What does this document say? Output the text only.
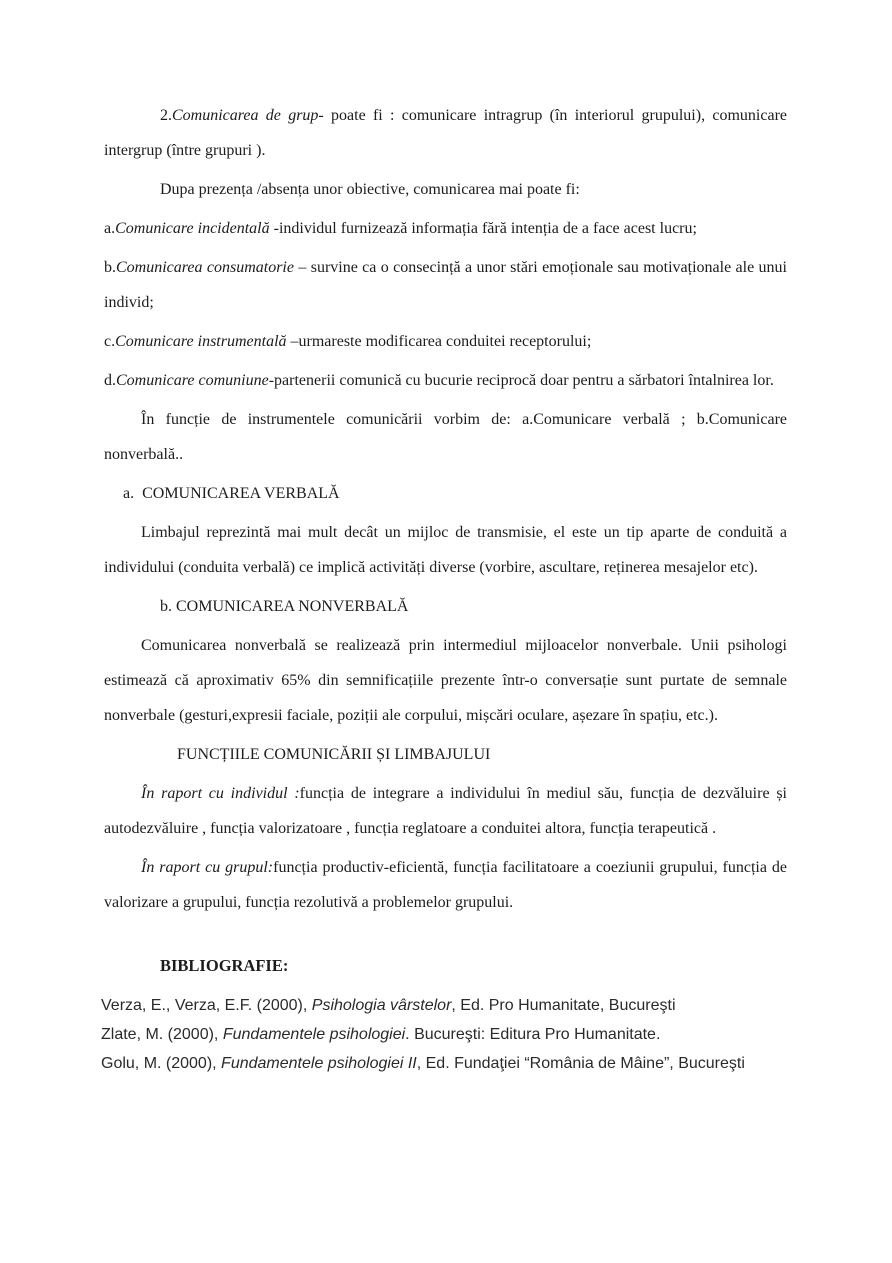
2.Comunicarea de grup- poate fi : comunicare intragrup (în interiorul grupului), comunicare intergrup (între grupuri ).

Dupa prezența /absența unor obiective, comunicarea mai poate fi:

a.Comunicare incidentală -individul furnizează informația fără intenția de a face acest lucru;

b.Comunicarea consumatorie – survine ca o consecință a unor stări emoționale sau motivaționale ale unui individ;

c.Comunicare instrumentală –urmareste modificarea conduitei receptorului;

d.Comunicare comuniune-partenerii comunică cu bucurie reciprocă doar pentru a sărbatori întalnirea lor.

În funcție de instrumentele comunicării vorbim de: a.Comunicare verbală ; b.Comunicare nonverbală..

a.  COMUNICAREA VERBALĂ

Limbajul reprezintă mai mult decât un mijloc de transmisie, el este un tip aparte de conduită a individului (conduita verbală) ce implică activități diverse (vorbire, ascultare, reținerea mesajelor etc).

b. COMUNICAREA NONVERBALĂ

Comunicarea nonverbală se realizează prin intermediul mijloacelor nonverbale. Unii psihologi estimează că aproximativ 65% din semnificațiile prezente într-o conversație sunt purtate de semnale nonverbale (gesturi,expresii faciale, poziții ale corpului, mișcări oculare, așezare în spațiu, etc.).

FUNCȚIILE COMUNICĂRII ȘI LIMBAJULUI

În raport cu individul :funcția de integrare a individului în mediul său, funcția de dezvăluire și autodezvăluire , funcția valorizatoare , funcția reglatoare a conduitei altora, funcția terapeutică .

În raport cu grupul:funcția productiv-eficientă, funcția facilitatoare a coeziunii grupului, funcția de valorizare a grupului, funcția rezolutivă a problemelor grupului.

BIBLIOGRAFIE:

Verza, E., Verza, E.F. (2000), Psihologia vârstelor, Ed. Pro Humanitate, Bucureşti

Zlate, M. (2000), Fundamentele psihologiei. Bucureşti: Editura Pro Humanitate.

Golu, M. (2000), Fundamentele psihologiei II, Ed. Fundaţiei “România de Mâine”, Bucureşti
